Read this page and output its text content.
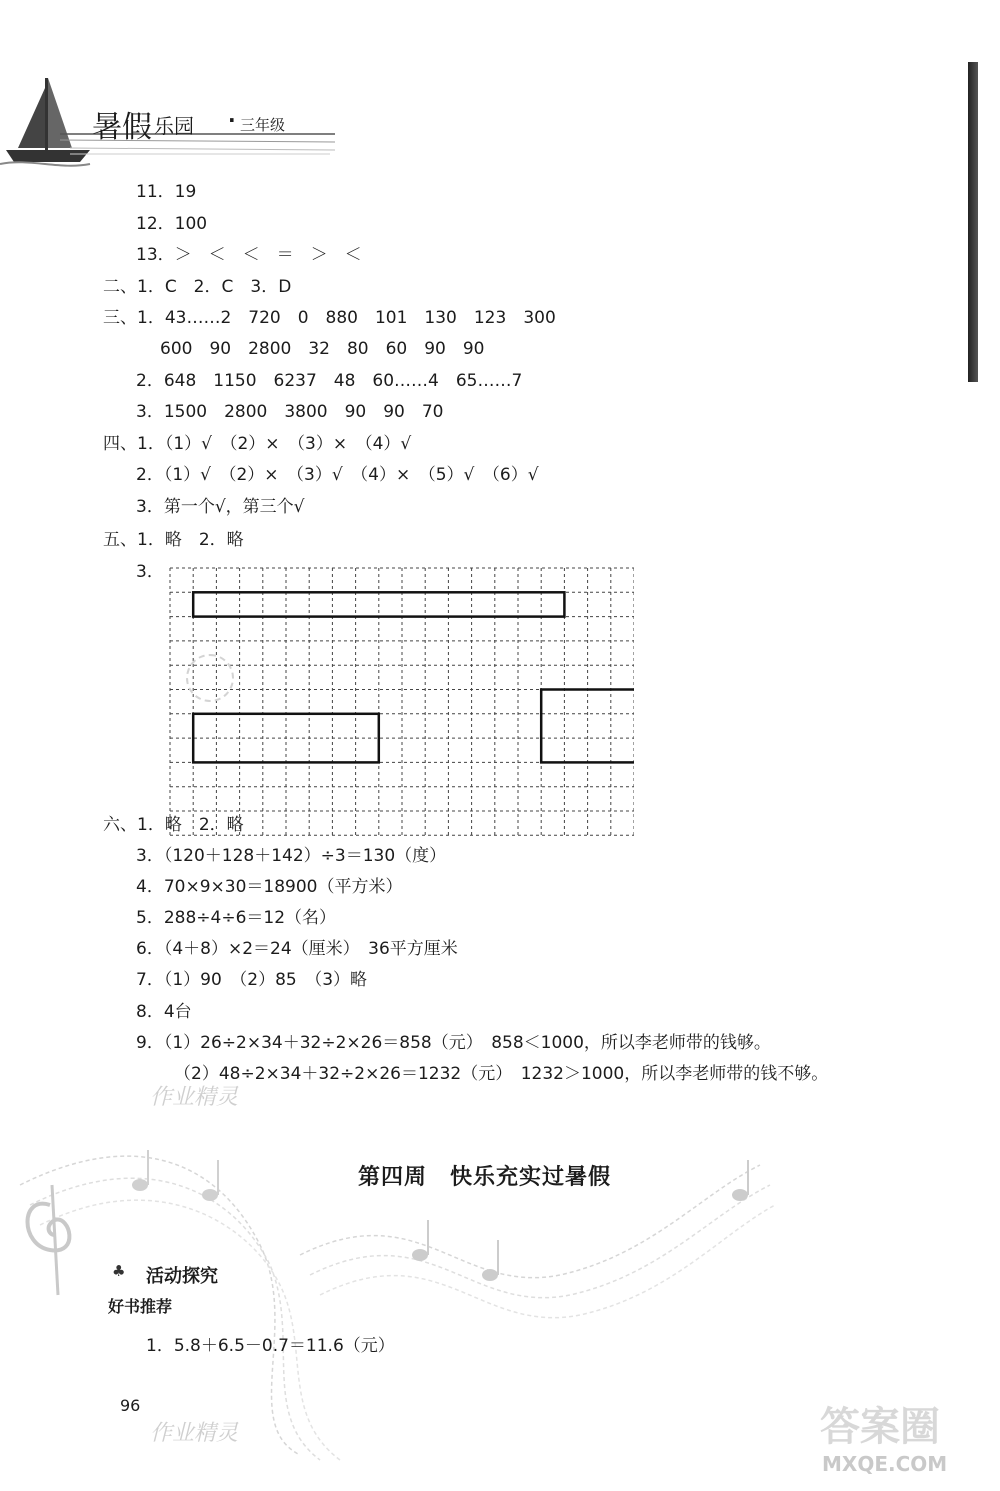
暑假 乐园 · 三年级
11．19
12．100
13．＞　＜　＜　＝　＞　＜
二、1．C　2．C　3．D
三、1．43……2　720　0　880　101　130　123　300
600　90　2800　32　80　60　90　90
2．648　1150　6237　48　60……4　65……7
3．1500　2800　3800　90　90　70
四、1．（1）√　（2）×　（3）×　（4）√
2．（1）√　（2）×　（3）√　（4）×　（5）√　（6）√
3．第一个√，第三个√
五、1．略　2．略
3．
六、1．略　2．略
3．（120＋128＋142）÷3＝130（度）
4．70×9×30＝18900（平方米）
5．288÷4÷6＝12（名）
6．（4＋8）×2＝24（厘米）　36平方厘米
7．（1）90　（2）85　（3）略
8．4台
9．（1）26÷2×34＋32÷2×26＝858（元）　858＜1000，所以李老师带的钱够。
（2）48÷2×34＋32÷2×26＝1232（元）　1232＞1000，所以李老师带的钱不够。
作业精灵
第四周　快乐充实过暑假
♣ 活动探究
好书推荐
1．5.8＋6.5－0.7＝11.6（元）
96
作业精灵	答案圈
MXQE.COM
